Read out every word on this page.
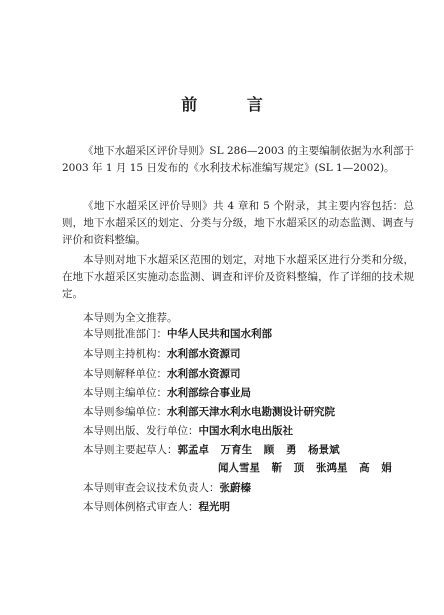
前 言

《地下水超采区评价导则》SL 286—2003 的主要编制依据为水利部于 2003 年 1 月 15 日发布的《水利技术标准编写规定》(SL 1—2002)。

《地下水超采区评价导则》共 4 章和 5 个附录，其主要内容包括：总则，地下水超采区的划定、分类与分级，地下水超采区的动态监测、调查与评价和资料整编。

本导则对地下水超采区范围的划定，对地下水超采区进行分类和分级，在地下水超采区实施动态监测、调查和评价及资料整编，作了详细的技术规定。

本导则为全文推荐。
本导则批准部门：中华人民共和国水利部
本导则主持机构：水利部水资源司
本导则解释单位：水利部水资源司
本导则主编单位：水利部综合事业局
本导则参编单位：水利部天津水利水电勘测设计研究院
本导则出版、发行单位：中国水利水电出版社
本导则主要起草人：郭孟卓 万育生 顾 勇 杨景斌
闻人雪星 靳 顶 张鸿星 高 娟
本导则审查会议技术负责人：张蔚榛
本导则体例格式审查人：程光明
